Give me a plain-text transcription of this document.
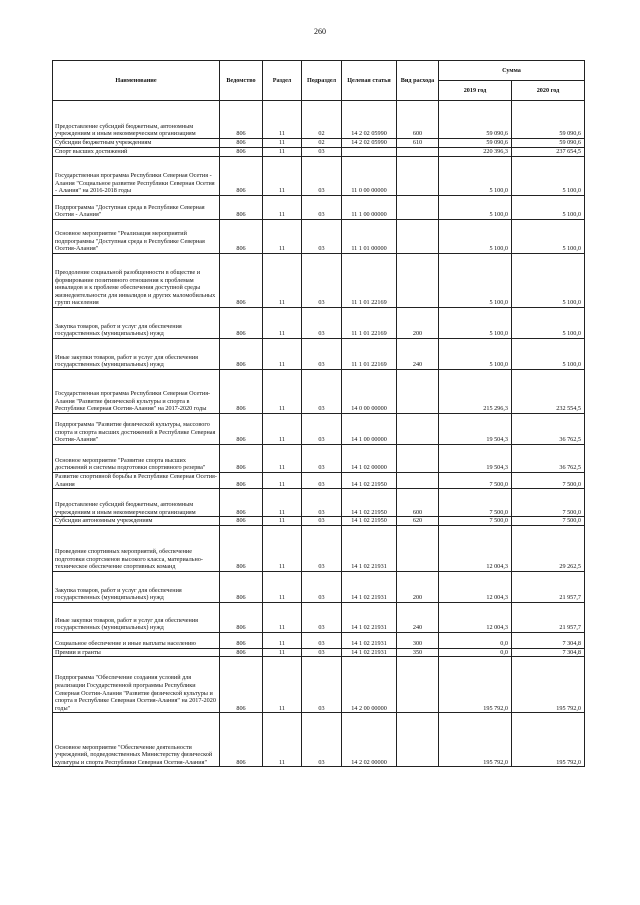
260
Наименование	Ведомство	Раздел	Подраздел	Целевая статья	Вид расхода	Сумма	
						2019 год	2020 год
Предоставление субсидий бюджетным, автономным учреждениям и иным некоммерческим организациям	806	11	02	14 2 02 05990	600	59 090,6	59 090,6
Субсидии бюджетным учреждениям	806	11	02	14 2 02 05990	610	59 090,6	59 090,6
Спорт высших достижений	806	11	03			220 396,3	237 654,5
Государственная программа Республики Северная Осетия - Алания "Социальное развитие Республики Северная Осетия - Алания" на 2016-2018 годы	806	11	03	11 0 00 00000		5 100,0	5 100,0
Подпрограмма "Доступная среда в Республике Северная Осетия - Алания"	806	11	03	11 1 00 00000		5 100,0	5 100,0
Основное мероприятие "Реализация мероприятий подпрограммы "Доступная среда в Республике Северная Осетия-Алания"	806	11	03	11 1 01 00000		5 100,0	5 100,0
Преодоление социальной разобщенности в обществе и формирование позитивного отношения к проблемам инвалидов и к проблеме обеспечения доступной среды жизнедеятельности для инвалидов и других маломобильных групп населения	806	11	03	11 1 01 22169		5 100,0	5 100,0
Закупка товаров, работ и услуг для обеспечения государственных (муниципальных) нужд	806	11	03	11 1 01 22169	200	5 100,0	5 100,0
Иные закупки товаров, работ и услуг для обеспечения государственных (муниципальных) нужд	806	11	03	11 1 01 22169	240	5 100,0	5 100,0
Государственная программа Республики Северная Осетия-Алания "Развитие физической культуры и спорта в Республике Северная Осетия-Алания" на 2017-2020 годы	806	11	03	14 0 00 00000		215 296,3	232 554,5
Подпрограмма "Развитие физической культуры, массового спорта и спорта высших достижений в Республике Северная Осетия-Алания"	806	11	03	14 1 00 00000		19 504,3	36 762,5
Основное мероприятие "Развитие спорта высших достижений и системы подготовки спортивного резерва"	806	11	03	14 1 02 00000		19 504,3	36 762,5
Развитие спортивной борьбы в Республике Северная Осетия-Алания	806	11	03	14 1 02 21950		7 500,0	7 500,0
Предоставление субсидий бюджетным, автономным учреждениям и иным некоммерческим организациям	806	11	03	14 1 02 21950	600	7 500,0	7 500,0
Субсидии автономным учреждениям	806	11	03	14 1 02 21950	620	7 500,0	7 500,0
Проведение спортивных мероприятий, обеспечение подготовки спортсменов высокого класса, материально-техническое обеспечение спортивных команд	806	11	03	14 1 02 21931		12 004,3	29 262,5
Закупка товаров, работ и услуг для обеспечения государственных (муниципальных) нужд	806	11	03	14 1 02 21931	200	12 004,3	21 957,7
Иные закупки товаров, работ и услуг для обеспечения государственных (муниципальных) нужд	806	11	03	14 1 02 21931	240	12 004,3	21 957,7
Социальное обеспечение и иные выплаты населению	806	11	03	14 1 02 21931	300	0,0	7 304,8
Премии и гранты	806	11	03	14 1 02 21931	350	0,0	7 304,8
Подпрограмма "Обеспечение создания условий для реализации Государственной программы Республики Северная Осетия-Алания "Развитие физической культуры и спорта в Республике Северная Осетия-Алания" на 2017-2020 годы"	806	11	03	14 2 00 00000		195 792,0	195 792,0
Основное мероприятие "Обеспечение деятельности учреждений, подведомственных Министерству физической культуры и спорта Республики Северная Осетия-Алания"	806	11	03	14 2 02 00000		195 792,0	195 792,0
